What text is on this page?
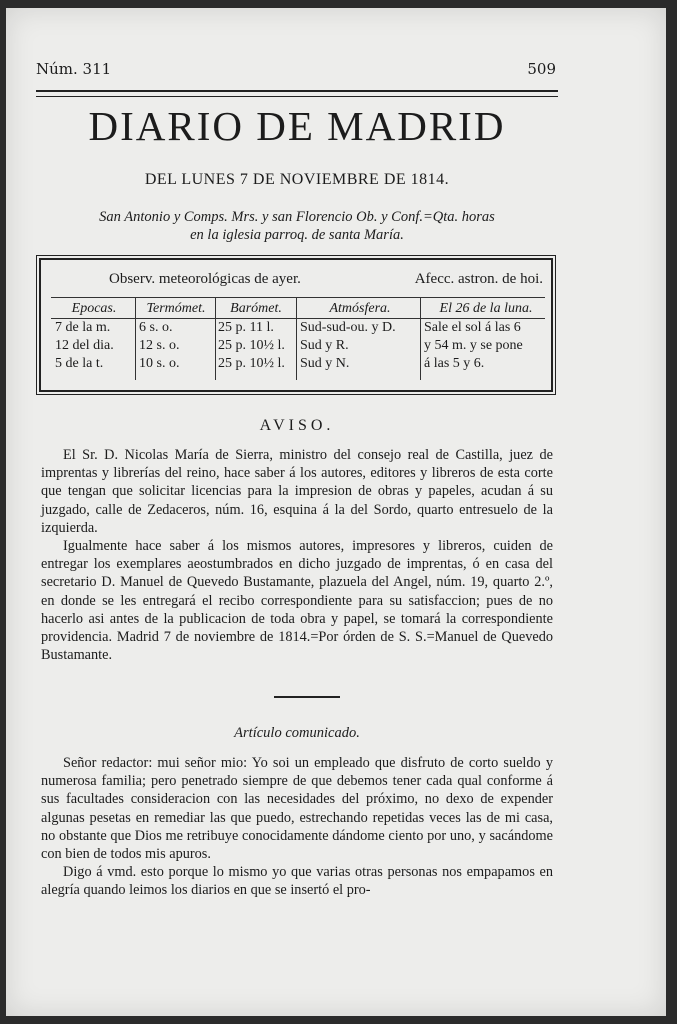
Núm. 311	509
DIARIO DE MADRID
DEL LUNES 7 DE NOVIEMBRE DE 1814.
San Antonio y Comps. Mrs. y san Florencio Ob. y Conf.=Qta. horas
en la iglesia parroq. de santa María.
Observ. meteorológicas de ayer.	Afecc. astron. de hoi.
Epocas.
7 de la m.
12 del dia.
5 de la t.
Termómet.
6 s. o.
12 s. o.
10 s. o.
Barómet.
25 p. 11 l.
25 p. 10½ l.
25 p. 10½ l.
Atmósfera.
Sud-sud-ou. y D.
Sud y R.
Sud y N.
El 26 de la luna.
Sale el sol á las 6
y 54 m. y se pone
á las 5 y 6.
AVISO.

El Sr. D. Nicolas María de Sierra, ministro del consejo real de Castilla, juez de imprentas y librerías del reino, hace saber á los autores, editores y libreros de esta corte que tengan que solicitar licencias para la impresion de obras y papeles, acudan á su juzgado, calle de Zedaceros, núm. 16, esquina á la del Sordo, quarto entresuelo de la izquierda.

Igualmente hace saber á los mismos autores, impresores y libreros, cuiden de entregar los exemplares aeostumbrados en dicho juzgado de imprentas, ó en casa del secretario D. Manuel de Quevedo Bustamante, plazuela del Angel, núm. 19, quarto 2.º, en donde se les entregará el recibo correspondiente para su satisfaccion; pues de no hacerlo asi antes de la publicacion de toda obra y papel, se tomará la correspondiente providencia. Madrid 7 de noviembre de 1814.=Por órden de S. S.=Manuel de Quevedo Bustamante.

Artículo comunicado.

Señor redactor: mui señor mio: Yo soi un empleado que disfruto de corto sueldo y numerosa familia; pero penetrado siempre de que debemos tener cada qual conforme á sus facultades consideracion con las necesidades del próximo, no dexo de expender algunas pesetas en remediar las que puedo, estrechando repetidas veces las de mi casa, no obstante que Dios me retribuye conocidamente dándome ciento por uno, y sacándome con bien de todos mis apuros.

Digo á vmd. esto porque lo mismo yo que varias otras personas nos empapamos en alegría quando leimos los diarios en que se insertó el pro-
